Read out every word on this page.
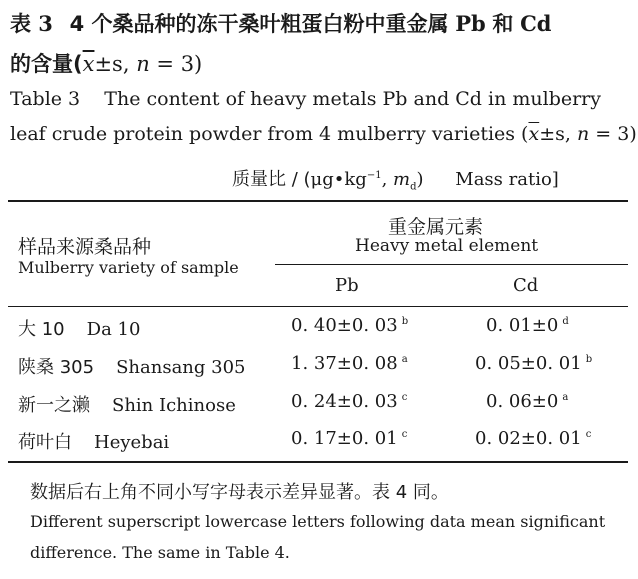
表 3 4 个桑品种的冻干桑叶粗蛋白粉中重金属 Pb 和 Cd
的含量($\overline{x}\pm s$, n = 3)
Table 3    The content of heavy metals Pb and Cd in mulberry
leaf crude protein powder from 4 mulberry varieties ($\overline{x}\pm s$, n = 3)
质量比 / ($\mu g•kg^{-1}$, $m_d$) Mass ratio]
样品来源桑品种
Mulberry variety of sample
重金属元素
Heavy metal element
Pb	Cd
大 10 Da 10	0. 40±0. 03 $^b$	0. 01±0 $^d$
陕桑 305 Shansang 305	1. 37±0. 08 $^a$	0. 05±0. 01 $^b$
新一之濑 Shin Ichinose	0. 24±0. 03 $^c$	0. 06±0 $^a$
荷叶白 Heyebai	0. 17±0. 01 $^c$	0. 02±0. 01 $^c$
数据后右上角不同小写字母表示差异显著。表 4 同。
Different superscript lowercase letters following data mean significant
difference. The same in Table 4.
